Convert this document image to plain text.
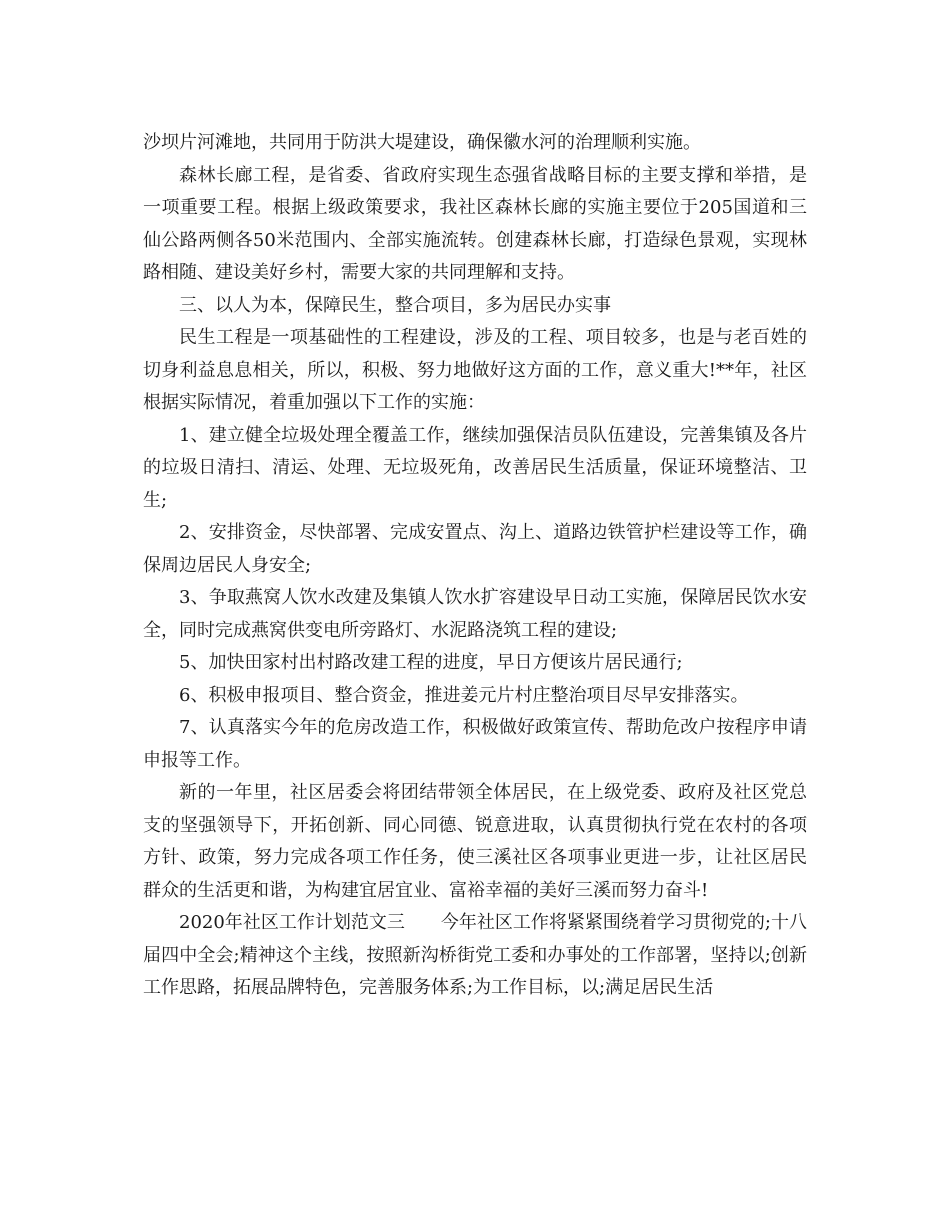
沙坝片河滩地，共同用于防洪大堤建设，确保徽水河的治理顺利实施。

森林长廊工程，是省委、省政府实现生态强省战略目标的主要支撑和举措，是一项重要工程。根据上级政策要求，我社区森林长廊的实施主要位于205国道和三仙公路两侧各50米范围内、全部实施流转。创建森林长廊，打造绿色景观，实现林路相随、建设美好乡村，需要大家的共同理解和支持。

三、以人为本，保障民生，整合项目，多为居民办实事

民生工程是一项基础性的工程建设，涉及的工程、项目较多，也是与老百姓的切身利益息息相关，所以，积极、努力地做好这方面的工作，意义重大!**年，社区根据实际情况，着重加强以下工作的实施：

1、建立健全垃圾处理全覆盖工作，继续加强保洁员队伍建设，完善集镇及各片的垃圾日清扫、清运、处理、无垃圾死角，改善居民生活质量，保证环境整洁、卫生;

2、安排资金，尽快部署、完成安置点、沟上、道路边铁管护栏建设等工作，确保周边居民人身安全;

3、争取燕窝人饮水改建及集镇人饮水扩容建设早日动工实施，保障居民饮水安全，同时完成燕窝供变电所旁路灯、水泥路浇筑工程的建设;

5、加快田家村出村路改建工程的进度，早日方便该片居民通行;

6、积极申报项目、整合资金，推进姜元片村庄整治项目尽早安排落实。

7、认真落实今年的危房改造工作，积极做好政策宣传、帮助危改户按程序申请申报等工作。

新的一年里，社区居委会将团结带领全体居民，在上级党委、政府及社区党总支的坚强领导下，开拓创新、同心同德、锐意进取，认真贯彻执行党在农村的各项方针、政策，努力完成各项工作任务，使三溪社区各项事业更进一步，让社区居民群众的生活更和谐，为构建宜居宜业、富裕幸福的美好三溪而努力奋斗!

2020年社区工作计划范文三　　今年社区工作将紧紧围绕着学习贯彻党的;十八届四中全会;精神这个主线，按照新沟桥街党工委和办事处的工作部署，坚持以;创新工作思路，拓展品牌特色，完善服务体系;为工作目标，以;满足居民生活
